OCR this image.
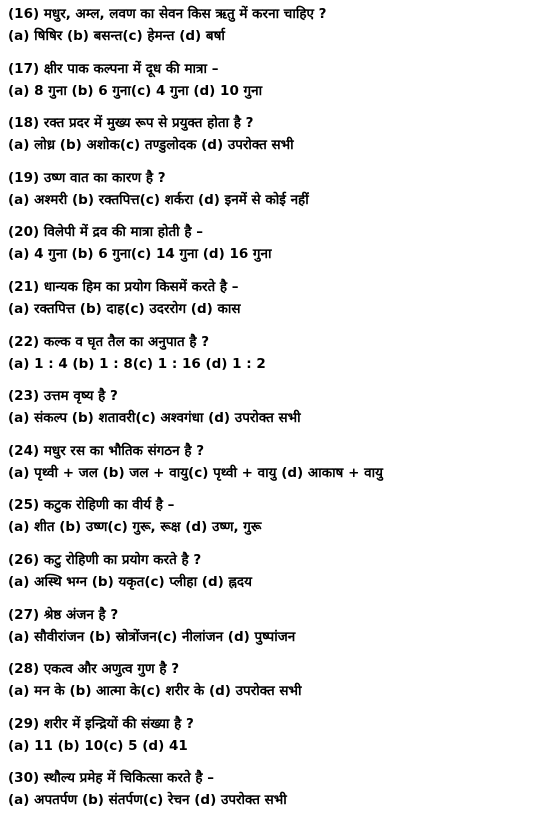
(16) मधुर, अम्ल, लवण का सेवन किस ऋतु में करना चाहिए ?
(a) षिषिर (b) बसन्त(c) हेमन्त (d) बर्षा
(17) क्षीर पाक कल्पना में दूध की मात्रा –
(a) 8 गुना (b) 6 गुना(c) 4 गुना (d) 10 गुना
(18) रक्त प्रदर में मुख्य रूप से प्रयुक्त होता है ?
(a) लोध्र (b) अशोक(c) तण्डुलोदक (d) उपरोक्त सभी
(19) उष्ण वात का कारण है ?
(a) अश्मरी (b) रक्तपित्त(c) शर्करा (d) इनमें से कोई नहीं
(20) विलेपी में द्रव की मात्रा होती है –
(a) 4 गुना (b) 6 गुना(c) 14 गुना (d) 16 गुना
(21) धान्यक हिम का प्रयोग किसमें करते है –
(a) रक्तपित्त (b) दाह(c) उदररोग (d) कास
(22) कल्क व घृत तैल का अनुपात है ?
(a) 1 : 4 (b) 1 : 8(c) 1 : 16 (d) 1 : 2
(23) उत्तम वृष्य है ?
(a) संकल्प (b) शतावरी(c) अश्वगंधा (d) उपरोक्त सभी
(24) मधुर रस का भौतिक संगठन है ?
(a) पृथ्वी + जल (b) जल + वायु(c) पृथ्वी + वायु (d) आकाष + वायु
(25) कटुक रोहिणी का वीर्य है –
(a) शीत (b) उष्ण(c) गुरू, रूक्ष (d) उष्ण, गुरू
(26) कटु रोहिणी का प्रयोग करते है ?
(a) अस्थि भग्न (b) यकृत(c) प्लीहा (d) ह्नदय
(27) श्रेष्ठ अंजन है ?
(a) सौवीरांजन (b) स्रोत्रोंजन(c) नीलांजन (d) पुष्पांजन
(28) एकत्व और अणुत्व गुण है ?
(a) मन के (b) आत्मा के(c) शरीर के (d) उपरोक्त सभी
(29) शरीर में इन्द्रियों की संख्या है ?
(a) 11 (b) 10(c) 5 (d) 41
(30) स्थौल्य प्रमेह में चिकित्सा करते है –
(a) अपतर्पण (b) संतर्पण(c) रेचन (d) उपरोक्त सभी
